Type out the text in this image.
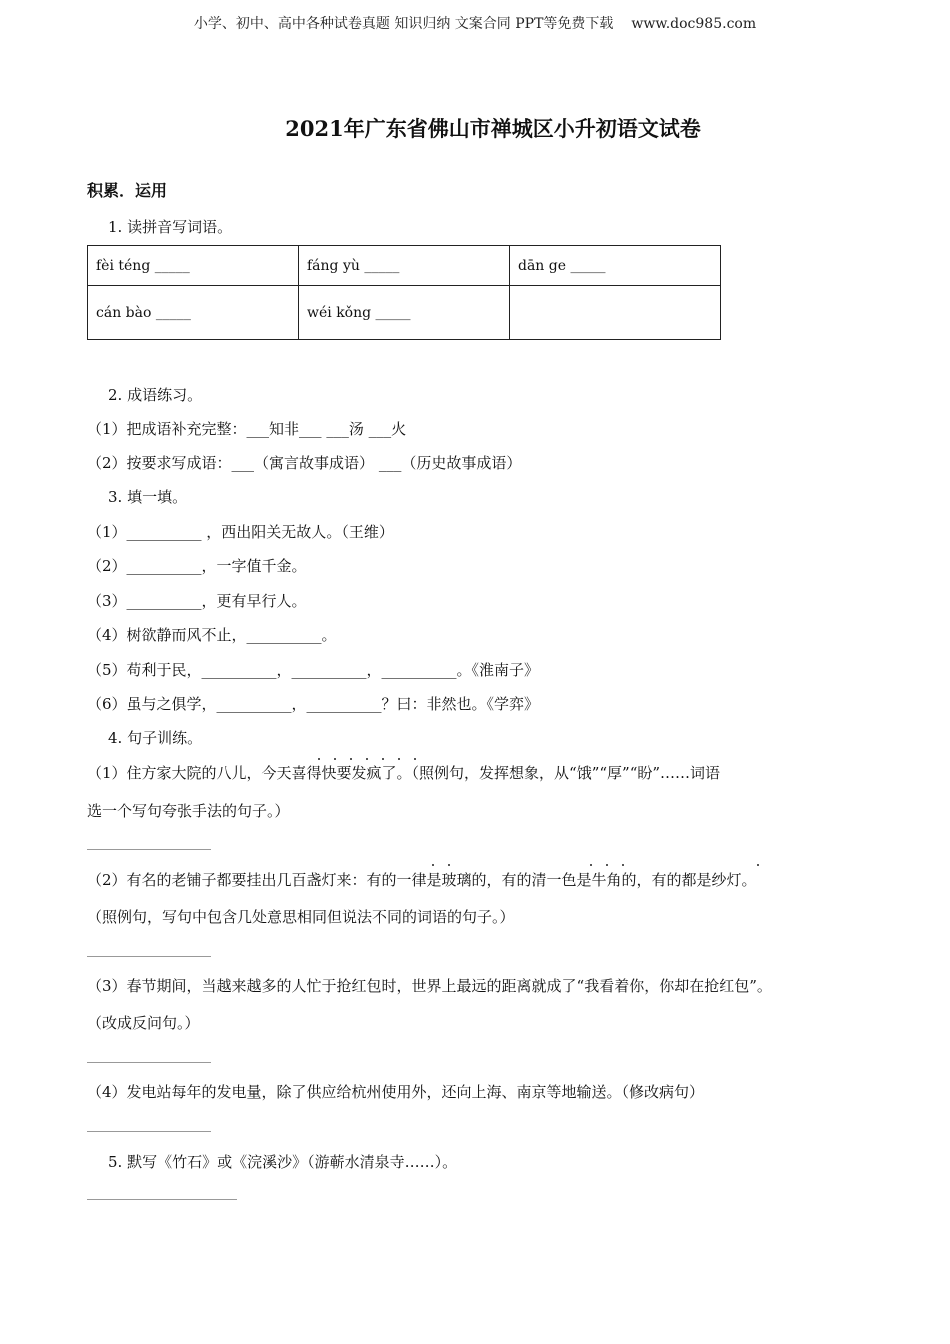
小学、初中、高中各种试卷真题 知识归纳 文案合同 PPT等免费下载 www.doc985.com
2021年广东省佛山市禅城区小升初语文试卷
积累．运用
1. 读拼音写词语。
fèi téng _____	fáng yù _____	dān ge _____
cán bào _____	wéi kǒng _____	
2. 成语练习。
（1）把成语补充完整：___知非___ ___汤 ___火
（2）按要求写成语：___（寓言故事成语） ___（历史故事成语）
3. 填一填。
（1）__________ ，西出阳关无故人。（王维）
（2）__________，一字值千金。
（3）__________，更有早行人。
（4）树欲静而风不止，__________。
（5）苟利于民，__________，__________，__________。《淮南子》
（6）虽与之俱学，__________，__________？曰：非然也。《学弈》
4. 句子训练。
（1）住方家大院的八儿，今天喜得快要发疯了。（照例句，发挥想象，从“饿”“厚”“盼”……词语
选一个写句夸张手法的句子。）
（2）有名的老铺子都要挂出几百盏灯来：有的一律是玻璃的，有的清一色是牛角的，有的都是纱灯。
（照例句，写句中包含几处意思相同但说法不同的词语的句子。）
（3）春节期间，当越来越多的人忙于抢红包时，世界上最远的距离就成了“我看着你，你却在抢红包”。
（改成反问句。）
（4）发电站每年的发电量，除了供应给杭州使用外，还向上海、南京等地输送。（修改病句）
5. 默写《竹石》或《浣溪沙》（游蕲水清泉寺……）。
